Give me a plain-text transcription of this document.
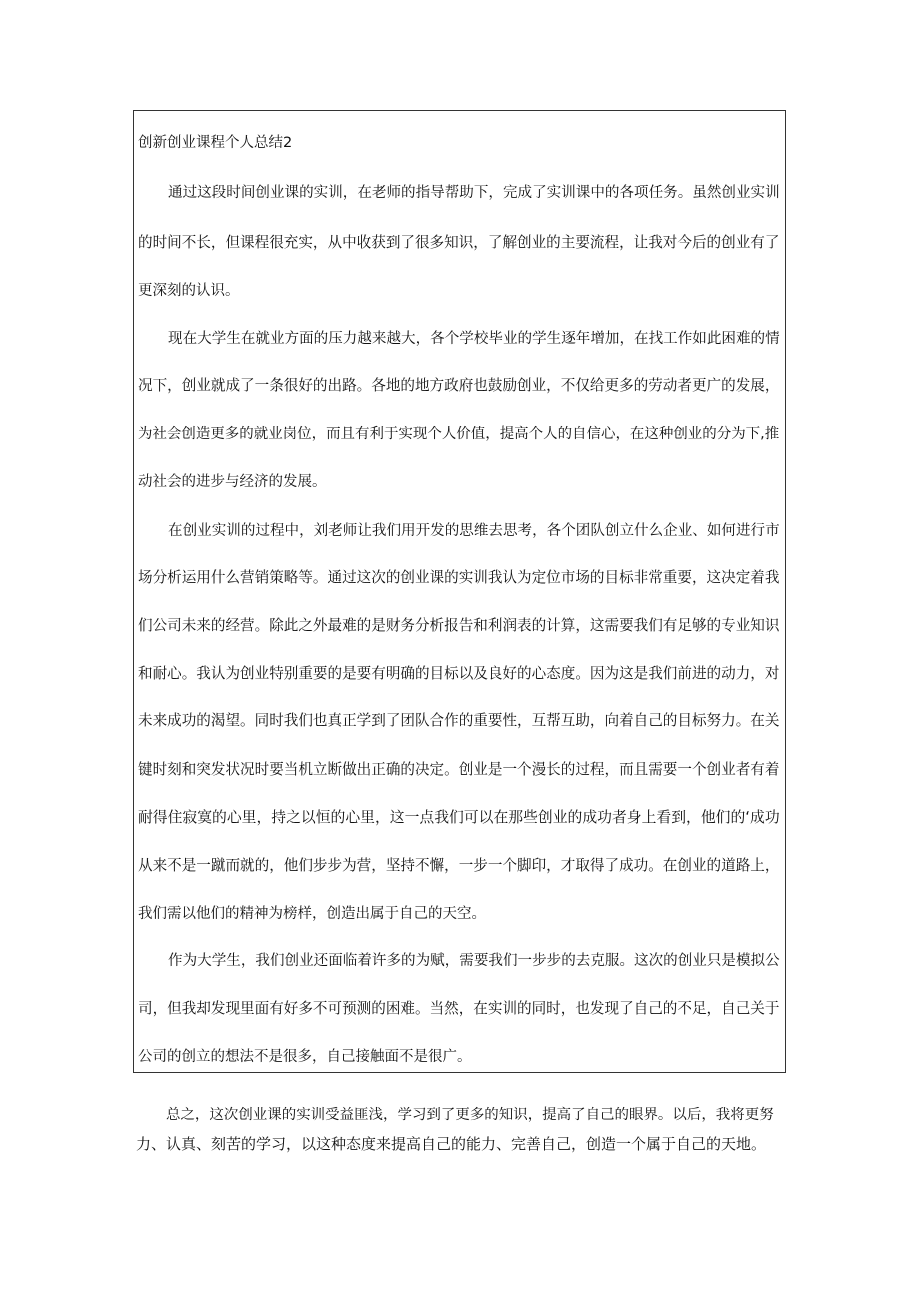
创新创业课程个人总结2
通过这段时间创业课的实训，在老师的指导帮助下，完成了实训课中的各项任务。虽然创业实训
的时间不长，但课程很充实，从中收获到了很多知识，了解创业的主要流程，让我对今后的创业有了
更深刻的认识。
现在大学生在就业方面的压力越来越大，各个学校毕业的学生逐年增加，在找工作如此困难的情
况下，创业就成了一条很好的出路。各地的地方政府也鼓励创业，不仅给更多的劳动者更广的发展，
为社会创造更多的就业岗位，而且有利于实现个人价值，提高个人的自信心，在这种创业的分为下,推
动社会的进步与经济的发展。
在创业实训的过程中，刘老师让我们用开发的思维去思考，各个团队创立什么企业、如何进行市
场分析运用什么营销策略等。通过这次的创业课的实训我认为定位市场的目标非常重要，这决定着我
们公司未来的经营。除此之外最难的是财务分析报告和利润表的计算，这需要我们有足够的专业知识
和耐心。我认为创业特别重要的是要有明确的目标以及良好的心态度。因为这是我们前进的动力，对
未来成功的渴望。同时我们也真正学到了团队合作的重要性，互帮互助，向着自己的目标努力。在关
键时刻和突发状况时要当机立断做出正确的决定。创业是一个漫长的过程，而且需要一个创业者有着
耐得住寂寞的心里，持之以恒的心里，这一点我们可以在那些创业的成功者身上看到，他们的‘成功
从来不是一蹴而就的，他们步步为营，坚持不懈，一步一个脚印，才取得了成功。在创业的道路上，
我们需以他们的精神为榜样，创造出属于自己的天空。
作为大学生，我们创业还面临着许多的为赋，需要我们一步步的去克服。这次的创业只是模拟公
司，但我却发现里面有好多不可预测的困难。当然，在实训的同时，也发现了自己的不足，自己关于
公司的创立的想法不是很多，自己接触面不是很广。
总之，这次创业课的实训受益匪浅，学习到了更多的知识，提高了自己的眼界。以后，我将更努
力、认真、刻苦的学习，以这种态度来提高自己的能力、完善自己，创造一个属于自己的天地。
